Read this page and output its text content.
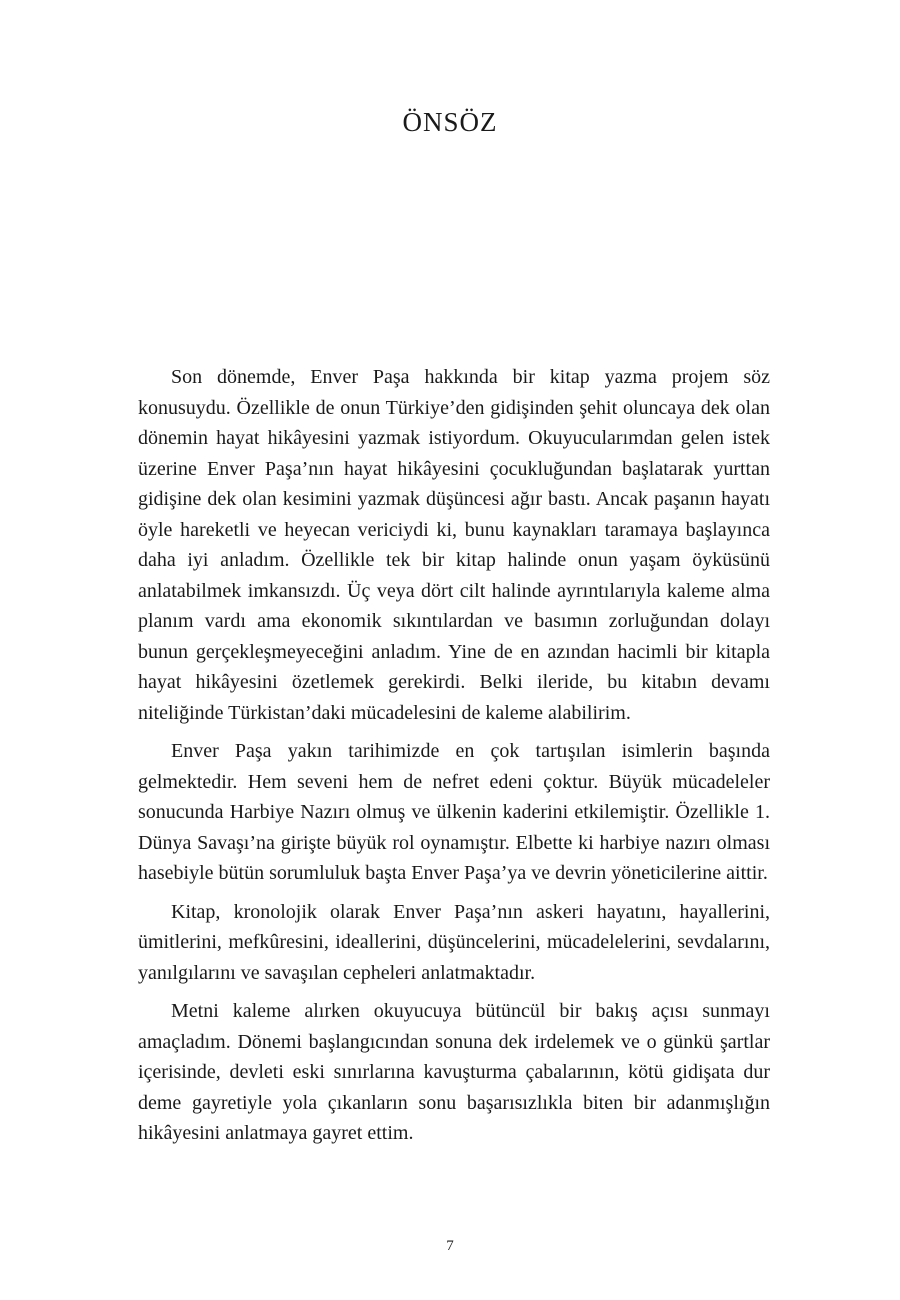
ÖNSÖZ

Son dönemde, Enver Paşa hakkında bir kitap yazma projem söz konusuydu. Özellikle de onun Türkiye’den gidişinden şehit oluncaya dek olan dönemin hayat hikâyesini yazmak istiyordum. Okuyucularımdan gelen istek üzerine Enver Paşa’nın hayat hikâyesini çocukluğundan başlatarak yurttan gidişine dek olan kesimini yazmak düşüncesi ağır bastı. Ancak paşanın hayatı öyle hareketli ve heyecan vericiydi ki, bunu kaynakları taramaya başlayınca daha iyi anladım. Özellikle tek bir kitap halinde onun yaşam öyküsünü anlatabilmek imkansızdı. Üç veya dört cilt halinde ayrıntılarıyla kaleme alma planım vardı ama ekonomik sıkıntılardan ve basımın zorluğundan dolayı bunun gerçekleşmeyeceğini anladım. Yine de en azından hacimli bir kitapla hayat hikâyesini özetlemek gerekirdi. Belki ileride, bu kitabın devamı niteliğinde Türkistan’daki mücadelesini de kaleme alabilirim.

Enver Paşa yakın tarihimizde en çok tartışılan isimlerin başında gelmektedir. Hem seveni hem de nefret edeni çoktur. Büyük mücadeleler sonucunda Harbiye Nazırı olmuş ve ülkenin kaderini etkilemiştir. Özellikle 1. Dünya Savaşı’na girişte büyük rol oynamıştır. Elbette ki harbiye nazırı olması hasebiyle bütün sorumluluk başta Enver Paşa’ya ve devrin yöneticilerine aittir.

Kitap, kronolojik olarak Enver Paşa’nın askeri hayatını, hayallerini, ümitlerini, mefkûresini, ideallerini, düşüncelerini, mücadelelerini, sevdalarını, yanılgılarını ve savaşılan cepheleri anlatmaktadır.

Metni kaleme alırken okuyucuya bütüncül bir bakış açısı sunmayı amaçladım. Dönemi başlangıcından sonuna dek irdelemek ve o günkü şartlar içerisinde, devleti eski sınırlarına kavuşturma çabalarının, kötü gidişata dur deme gayretiyle yola çıkanların sonu başarısızlıkla biten bir adanmışlığın hikâyesini anlatmaya gayret ettim.

7
